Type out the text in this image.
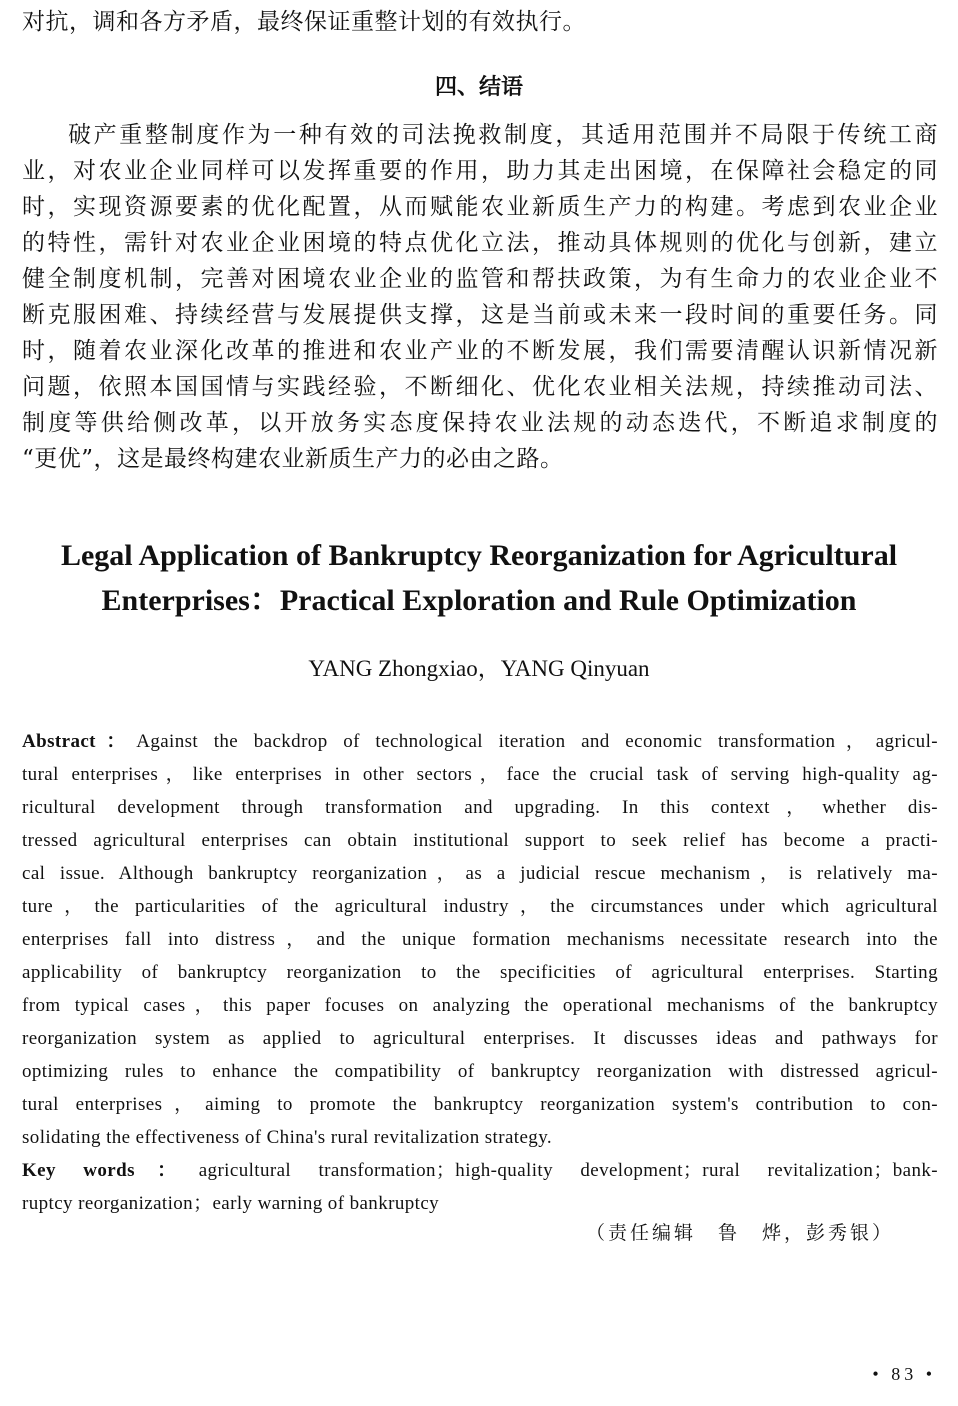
对抗，调和各方矛盾，最终保证重整计划的有效执行。
四、结语
破产重整制度作为一种有效的司法挽救制度，其适用范围并不局限于传统工商
业，对农业企业同样可以发挥重要的作用，助力其走出困境，在保障社会稳定的同
时，实现资源要素的优化配置，从而赋能农业新质生产力的构建。考虑到农业企业
的特性，需针对农业企业困境的特点优化立法，推动具体规则的优化与创新，建立
健全制度机制，完善对困境农业企业的监管和帮扶政策，为有生命力的农业企业不
断克服困难、持续经营与发展提供支撑，这是当前或未来一段时间的重要任务。同
时，随着农业深化改革的推进和农业产业的不断发展，我们需要清醒认识新情况新
问题，依照本国国情与实践经验，不断细化、优化农业相关法规，持续推动司法、
制度等供给侧改革，以开放务实态度保持农业法规的动态迭代，不断追求制度的
“更优”，这是最终构建农业新质生产力的必由之路。
Legal Application of Bankruptcy Reorganization for Agricultural
Enterprises：Practical Exploration and Rule Optimization
YANG Zhongxiao，YANG Qinyuan
Abstract：Against the backdrop of technological iteration and economic transformation，agricul-
tural enterprises，like enterprises in other sectors，face the crucial task of serving high-quality ag-
ricultural development through transformation and upgrading. In this context，whether dis-
tressed agricultural enterprises can obtain institutional support to seek relief has become a practi-
cal issue. Although bankruptcy reorganization，as a judicial rescue mechanism，is relatively ma-
ture，the particularities of the agricultural industry，the circumstances under which agricultural
enterprises fall into distress，and the unique formation mechanisms necessitate research into the
applicability of bankruptcy reorganization to the specificities of agricultural enterprises. Starting
from typical cases，this paper focuses on analyzing the operational mechanisms of the bankruptcy
reorganization system as applied to agricultural enterprises. It discusses ideas and pathways for
optimizing rules to enhance the compatibility of bankruptcy reorganization with distressed agricul-
tural enterprises，aiming to promote the bankruptcy reorganization system's contribution to con-
solidating the effectiveness of China's rural revitalization strategy.
Key words：agricultural transformation；high-quality development；rural revitalization；bank-
ruptcy reorganization；early warning of bankruptcy
（责任编辑　鲁　烨，彭秀银）
• 83 •
